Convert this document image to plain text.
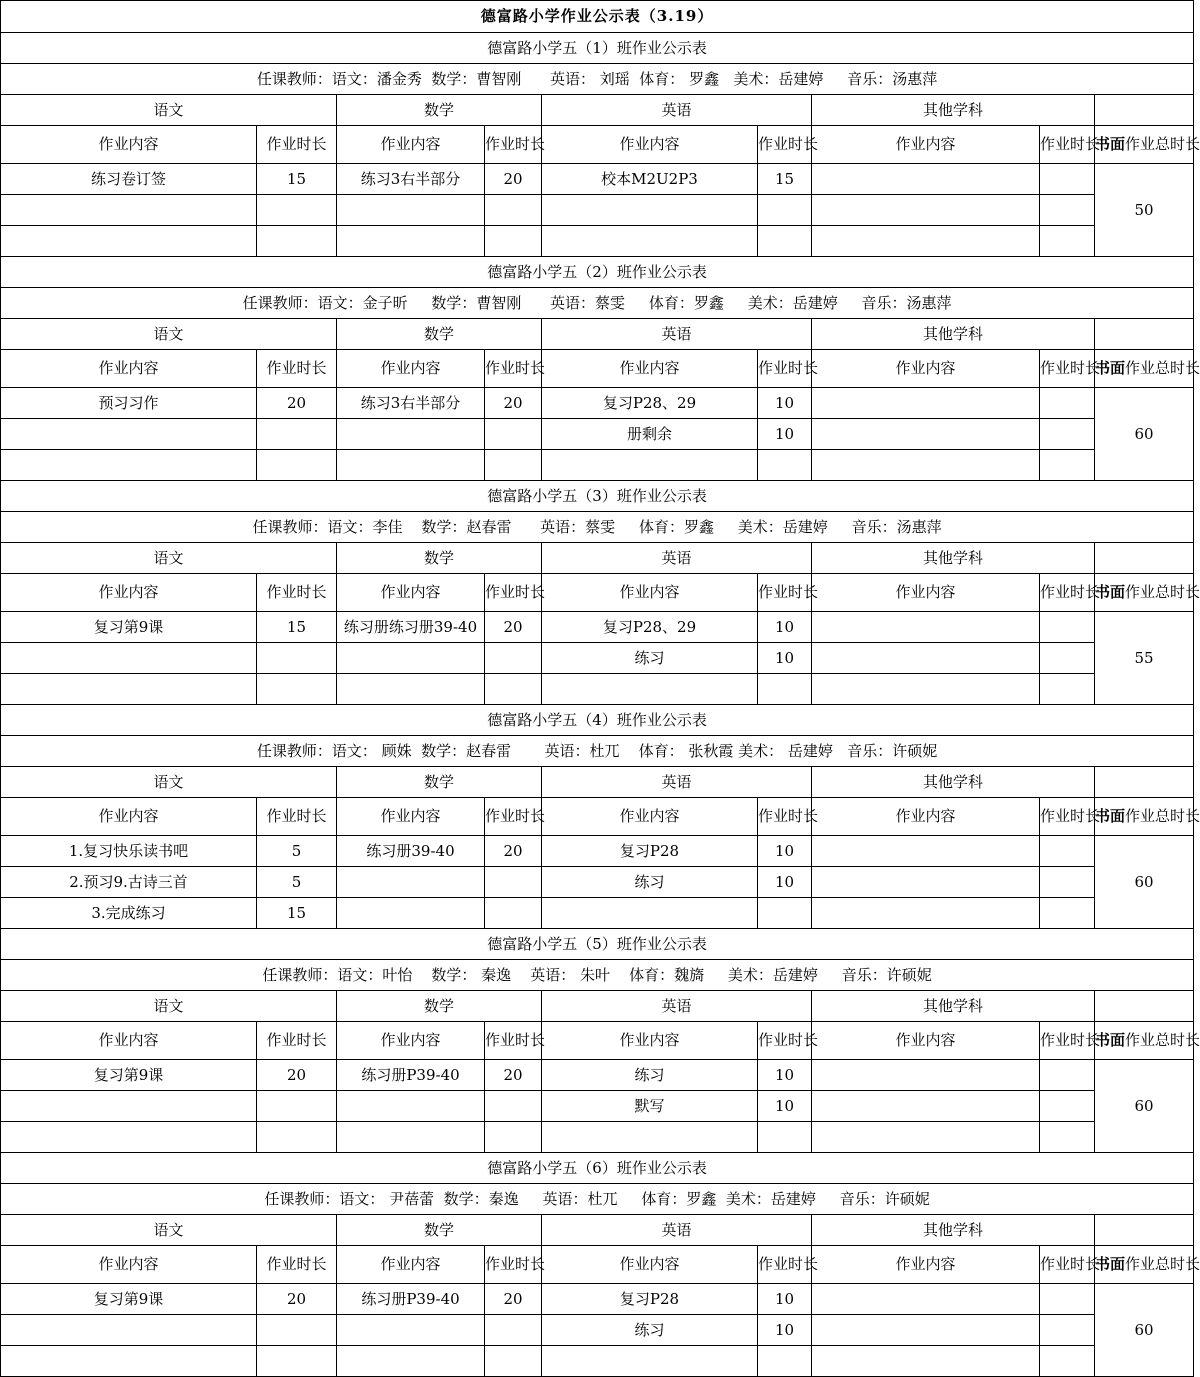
德富路小学作业公示表（3.19）								
德富路小学五（1）班作业公示表								
任课教师：语文：潘金秀  数学：曹智刚      英语： 刘瑶  体育： 罗鑫   美术：岳建婷     音乐：汤惠萍								
语文		数学		英语		其他学科		
作业内容	作业时长	作业内容	作业时长	作业内容	作业时长	作业内容	作业时长	书面作业总时长
练习卷订签	15	练习3右半部分	20	校本M2U2P3	15			50

德富路小学五（2）班作业公示表								
任课教师：语文：金子昕     数学：曹智刚      英语：蔡雯     体育：罗鑫     美术：岳建婷     音乐：汤惠萍								
语文		数学		英语		其他学科		
作业内容	作业时长	作业内容	作业时长	作业内容	作业时长	作业内容	作业时长	书面作业总时长
预习习作	20	练习3右半部分	20	复习P28、29	10			60
				册剩余	10			

德富路小学五（3）班作业公示表								
任课教师：语文：李佳    数学：赵春雷      英语：蔡雯     体育：罗鑫     美术：岳建婷     音乐：汤惠萍								
语文		数学		英语		其他学科		
作业内容	作业时长	作业内容	作业时长	作业内容	作业时长	作业内容	作业时长	书面作业总时长
复习第9课	15	练习册练习册39-40	20	复习P28、29	10			55
				练习	10			

德富路小学五（4）班作业公示表								
任课教师：语文： 顾姝  数学：赵春雷       英语：杜兀    体育： 张秋霞 美术： 岳建婷   音乐：许硕妮								
语文		数学		英语		其他学科		
作业内容	作业时长	作业内容	作业时长	作业内容	作业时长	作业内容	作业时长	书面作业总时长
1.复习快乐读书吧	5	练习册39-40	20	复习P28	10			60
2.预习9.古诗三首	5			练习	10			
3.完成练习	15							
德富路小学五（5）班作业公示表								
任课教师：语文：叶怡    数学： 秦逸    英语： 朱叶    体育：魏旖     美术：岳建婷     音乐：许硕妮								
语文		数学		英语		其他学科		
作业内容	作业时长	作业内容	作业时长	作业内容	作业时长	作业内容	作业时长	书面作业总时长
复习第9课	20	练习册P39-40	20	练习	10			60
				默写	10			

德富路小学五（6）班作业公示表								
任课教师：语文： 尹蓓蕾  数学：秦逸     英语：杜兀     体育：罗鑫  美术：岳建婷     音乐：许硕妮								
语文		数学		英语		其他学科		
作业内容	作业时长	作业内容	作业时长	作业内容	作业时长	作业内容	作业时长	书面作业总时长
复习第9课	20	练习册P39-40	20	复习P28	10			60
				练习	10			
